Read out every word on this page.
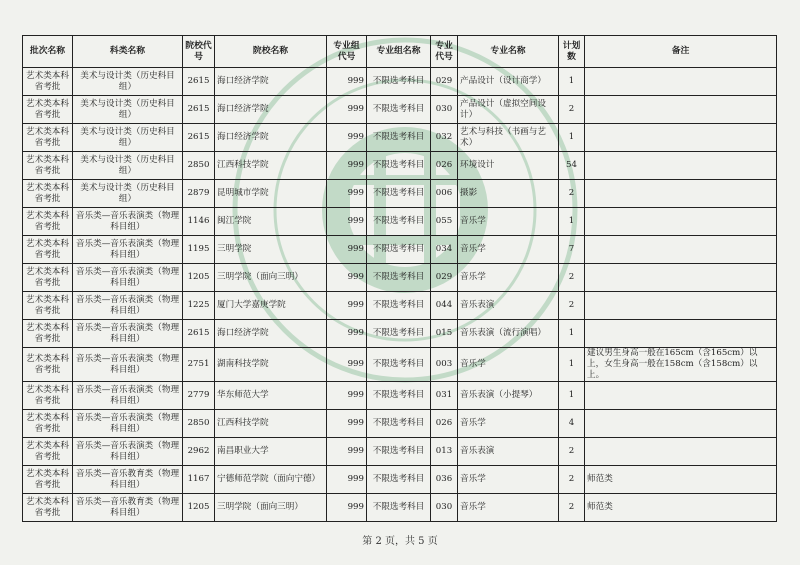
批次名称	科类名称	院校代号	院校名称	专业组代号	专业组名称	专业代号	专业名称	计划数	备注
艺术类本科省考批	美术与设计类（历史科目组）	2615	海口经济学院	999	不限选考科目	029	产品设计（设计商学）	1	
艺术类本科省考批	美术与设计类（历史科目组）	2615	海口经济学院	999	不限选考科目	030	产品设计（虚拟空间设计）	2	
艺术类本科省考批	美术与设计类（历史科目组）	2615	海口经济学院	999	不限选考科目	032	艺术与科技（书画与艺术）	1	
艺术类本科省考批	美术与设计类（历史科目组）	2850	江西科技学院	999	不限选考科目	026	环境设计	54	
艺术类本科省考批	美术与设计类（历史科目组）	2879	昆明城市学院	999	不限选考科目	006	摄影	2	
艺术类本科省考批	音乐类—音乐表演类（物理科目组）	1146	闽江学院	999	不限选考科目	055	音乐学	1	
艺术类本科省考批	音乐类—音乐表演类（物理科目组）	1195	三明学院	999	不限选考科目	034	音乐学	7	
艺术类本科省考批	音乐类—音乐表演类（物理科目组）	1205	三明学院（面向三明）	999	不限选考科目	029	音乐学	2	
艺术类本科省考批	音乐类—音乐表演类（物理科目组）	1225	厦门大学嘉庚学院	999	不限选考科目	044	音乐表演	2	
艺术类本科省考批	音乐类—音乐表演类（物理科目组）	2615	海口经济学院	999	不限选考科目	015	音乐表演（流行演唱）	1	
艺术类本科省考批	音乐类—音乐表演类（物理科目组）	2751	湖南科技学院	999	不限选考科目	003	音乐学	1	建议男生身高一般在165cm（含165cm）以上，女生身高一般在158cm（含158cm）以上。
艺术类本科省考批	音乐类—音乐表演类（物理科目组）	2779	华东师范大学	999	不限选考科目	031	音乐表演（小提琴）	1	
艺术类本科省考批	音乐类—音乐表演类（物理科目组）	2850	江西科技学院	999	不限选考科目	026	音乐学	4	
艺术类本科省考批	音乐类—音乐表演类（物理科目组）	2962	南昌职业大学	999	不限选考科目	013	音乐表演	2	
艺术类本科省考批	音乐类—音乐教育类（物理科目组）	1167	宁德师范学院（面向宁德）	999	不限选考科目	036	音乐学	2	师范类
艺术类本科省考批	音乐类—音乐教育类（物理科目组）	1205	三明学院（面向三明）	999	不限选考科目	030	音乐学	2	师范类
第 2 页，共 5 页
